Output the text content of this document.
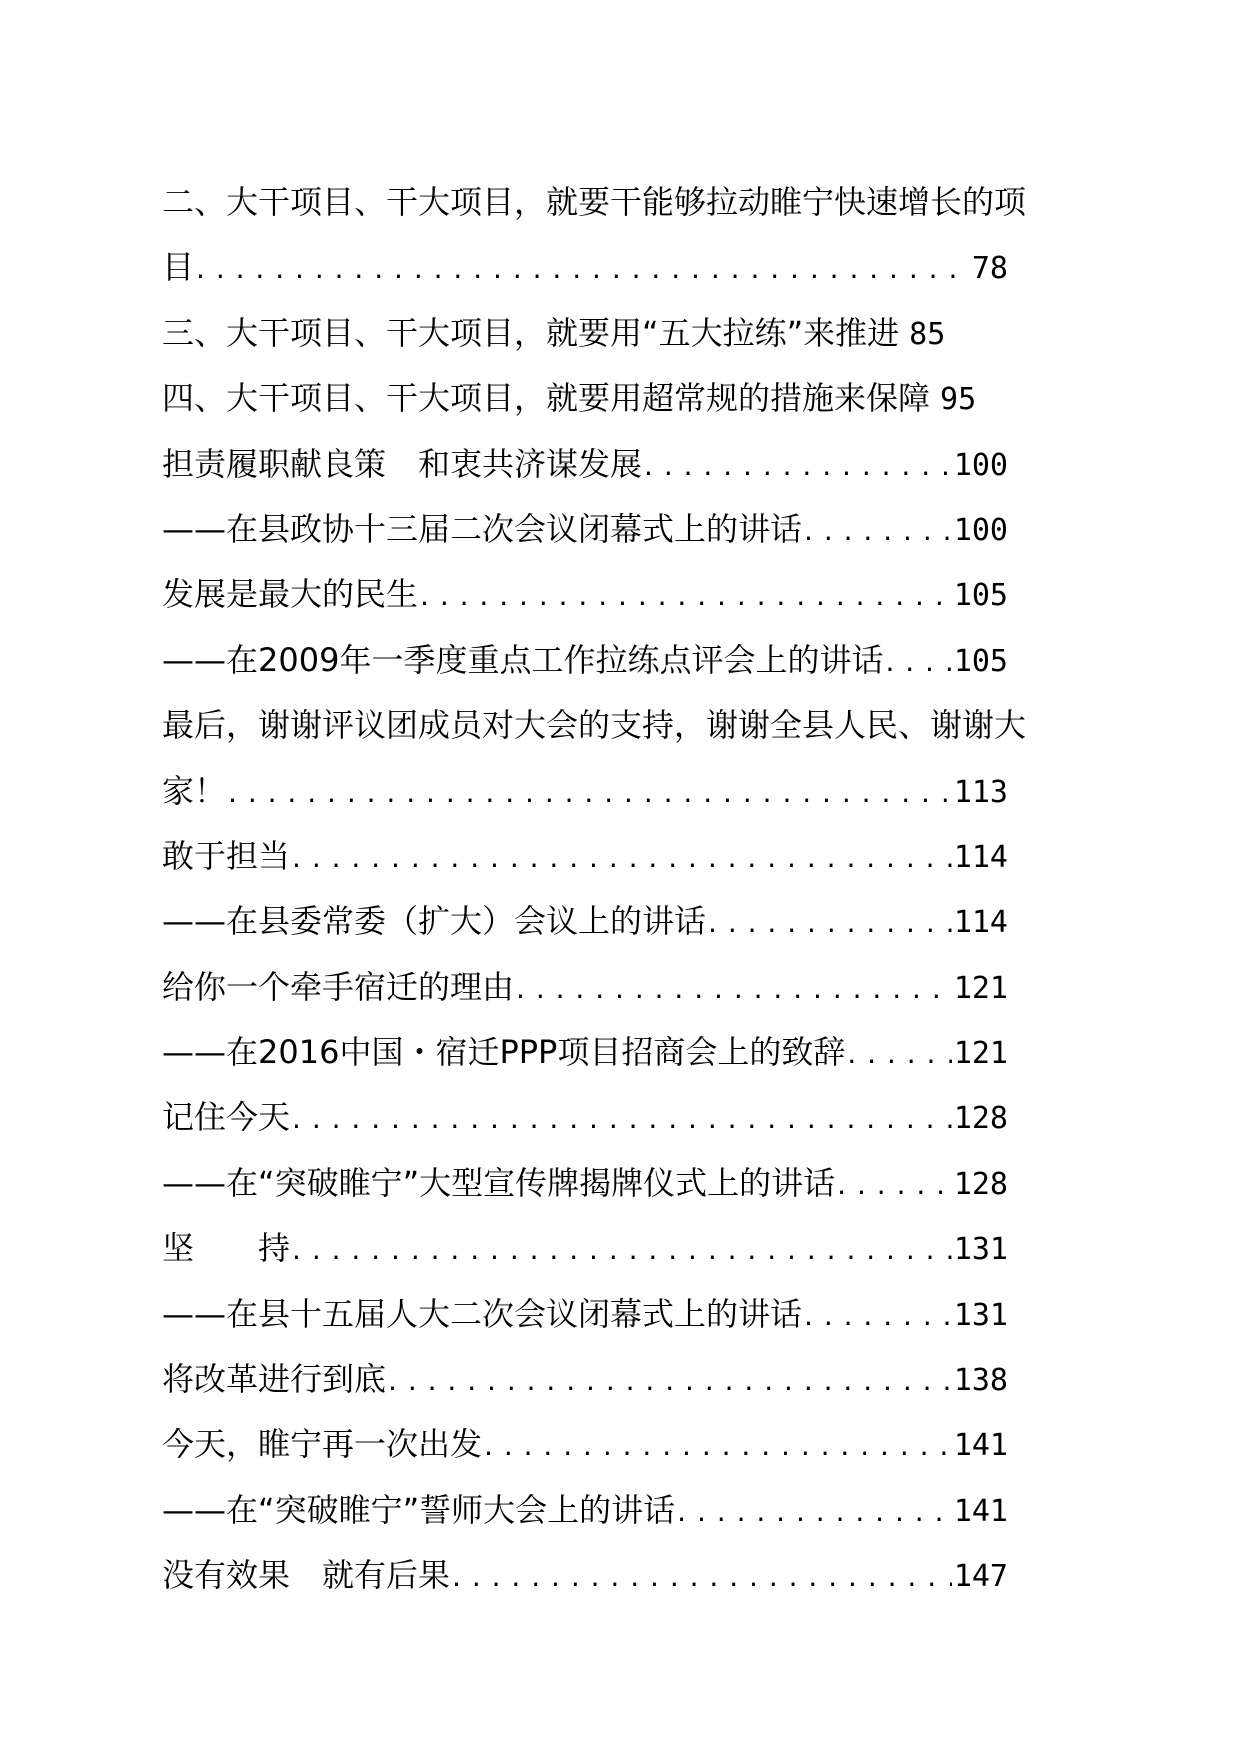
二、大干项目、干大项目，就要干能够拉动睢宁快速增长的项
目 . . .	78
三、大干项目、干大项目，就要用“五大拉练”来推进 85
四、大干项目、干大项目，就要用超常规的措施来保障 95
担责履职献良策　和衷共济谋发展 . . .	100
——在县政协十三届二次会议闭幕式上的讲话 . . .	100
发展是最大的民生 . . .	105
——在2009年一季度重点工作拉练点评会上的讲话 . . . 105
最后，谢谢评议团成员对大会的支持，谢谢全县人民、谢谢大
家！ . . .	113
敢于担当 . . .	114
——在县委常委（扩大）会议上的讲话 . . .	114
给你一个牵手宿迁的理由 . . .	121
——在2016中国・宿迁PPP项目招商会上的致辞 . . .	121
记住今天 . . .	128
——在“突破睢宁”大型宣传牌揭牌仪式上的讲话 . . .	128
坚　　持 . . .	131
——在县十五届人大二次会议闭幕式上的讲话 . . .	131
将改革进行到底 . . .	138
今天，睢宁再一次出发 . . .	141
——在“突破睢宁”誓师大会上的讲话 . . .	141
没有效果　就有后果 . . .	147
